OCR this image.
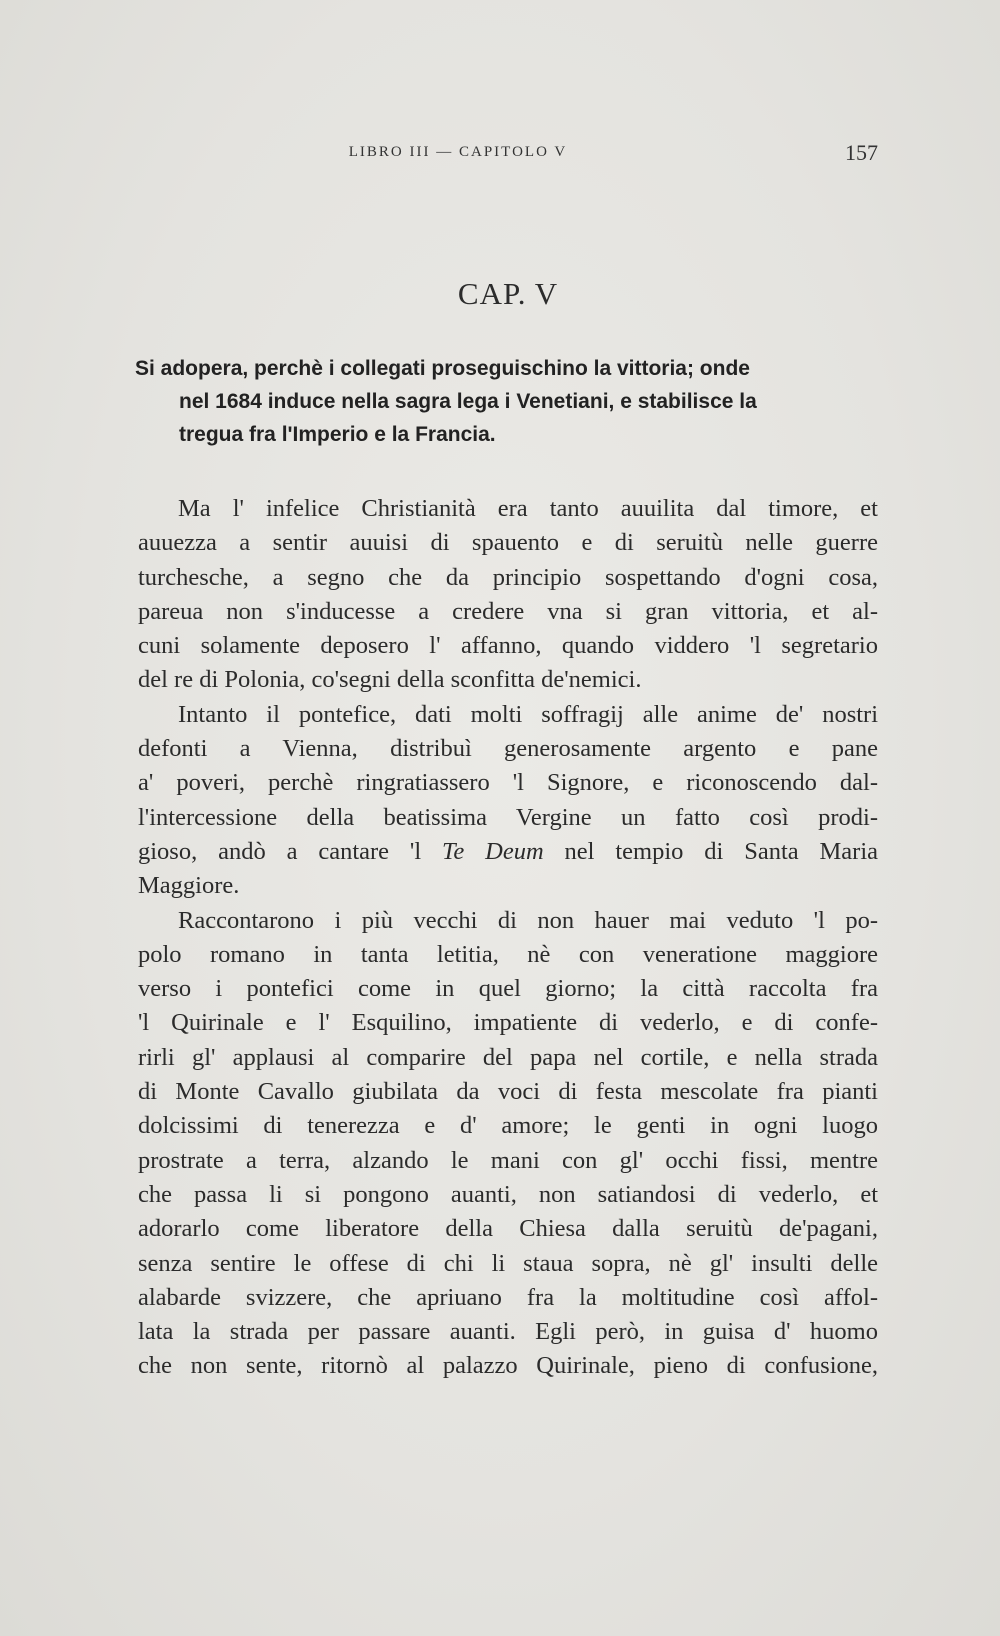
LIBRO III — CAPITOLO V	157
CAP. V
Si adopera, perchè i collegati proseguischino la vittoria; onde
nel 1684 induce nella sagra lega i Venetiani, e stabilisce la
tregua fra l'Imperio e la Francia.
Ma l' infelice Christianità era tanto auuilita dal timore, et
auuezza a sentir auuisi di spauento e di seruitù nelle guerre
turchesche, a segno che da principio sospettando d'ogni cosa,
pareua non s'inducesse a credere vna si gran vittoria, et al-
cuni solamente deposero l' affanno, quando viddero 'l segretario
del re di Polonia, co'segni della sconfitta de'nemici.
Intanto il pontefice, dati molti soffragij alle anime de' nostri
defonti a Vienna, distribuì generosamente argento e pane
a' poveri, perchè ringratiassero 'l Signore, e riconoscendo dal-
l'intercessione della beatissima Vergine un fatto così prodi-
gioso, andò a cantare 'l Te Deum nel tempio di Santa Maria
Maggiore.
Raccontarono i più vecchi di non hauer mai veduto 'l po-
polo romano in tanta letitia, nè con veneratione maggiore
verso i pontefici come in quel giorno; la città raccolta fra
'l Quirinale e l' Esquilino, impatiente di vederlo, e di confe-
rirli gl' applausi al comparire del papa nel cortile, e nella strada
di Monte Cavallo giubilata da voci di festa mescolate fra pianti
dolcissimi di tenerezza e d' amore; le genti in ogni luogo
prostrate a terra, alzando le mani con gl' occhi fissi, mentre
che passa li si pongono auanti, non satiandosi di vederlo, et
adorarlo come liberatore della Chiesa dalla seruitù de'pagani,
senza sentire le offese di chi li staua sopra, nè gl' insulti delle
alabarde svizzere, che apriuano fra la moltitudine così affol-
lata la strada per passare auanti. Egli però, in guisa d' huomo
che non sente, ritornò al palazzo Quirinale, pieno di confusione,
